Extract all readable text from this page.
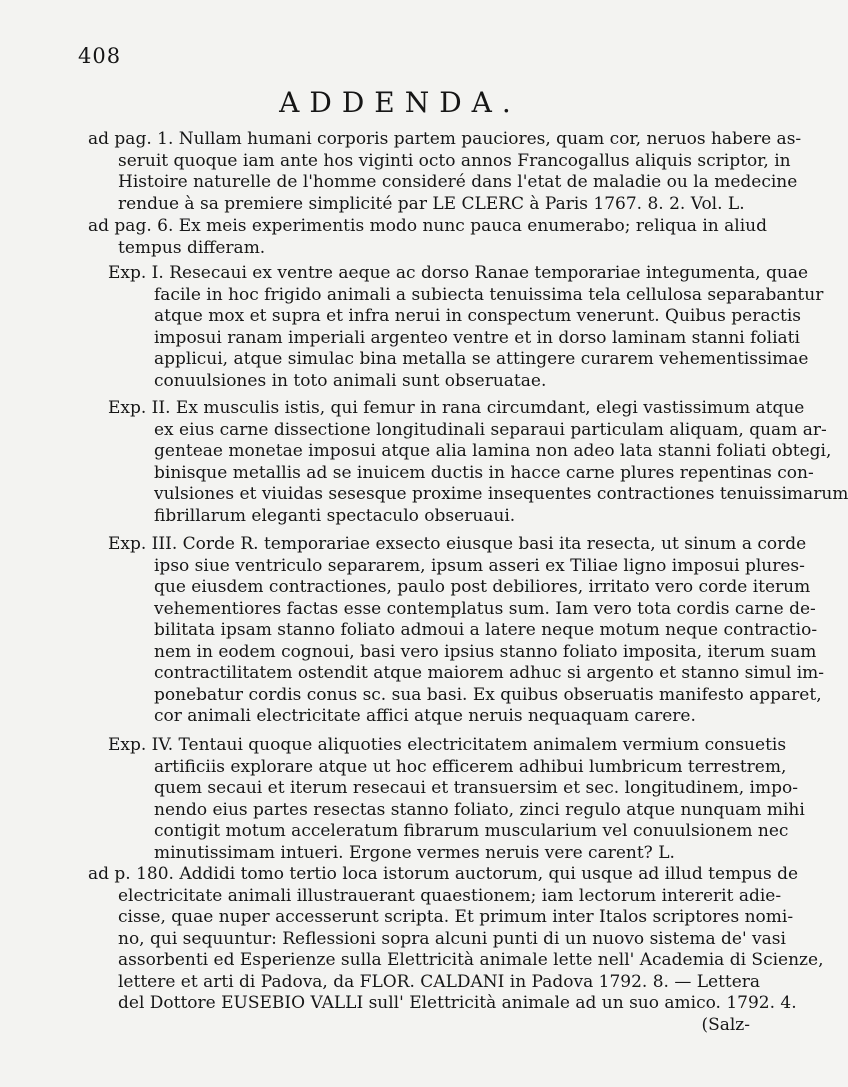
408
ADDENDA.
ad pag. 1. Nullam humani corporis partem pauciores, quam cor, neruos habere as-
seruit quoque iam ante hos viginti octo annos Francogallus aliquis scriptor, in
Histoire naturelle de l'homme consideré dans l'etat de maladie ou la medecine
rendue à sa premiere simplicité par LE CLERC à Paris 1767. 8. 2. Vol. L.
ad pag. 6. Ex meis experimentis modo nunc pauca enumerabo; reliqua in aliud
tempus differam.
Exp. I. Resecaui ex ventre aeque ac dorso Ranae temporariae integumenta, quae
facile in hoc frigido animali a subiecta tenuissima tela cellulosa separabantur
atque mox et supra et infra nerui in conspectum venerunt. Quibus peractis
imposui ranam imperiali argenteo ventre et in dorso laminam stanni foliati
applicui, atque simulac bina metalla se attingere curarem vehementissimae
conuulsiones in toto animali sunt obseruatae.
Exp. II. Ex musculis istis, qui femur in rana circumdant, elegi vastissimum atque
ex eius carne dissectione longitudinali separaui particulam aliquam, quam ar-
genteae monetae imposui atque alia lamina non adeo lata stanni foliati obtegi,
binisque metallis ad se inuicem ductis in hacce carne plures repentinas con-
vulsiones et viuidas sesesque proxime insequentes contractiones tenuissimarum
fibrillarum eleganti spectaculo obseruaui.
Exp. III. Corde R. temporariae exsecto eiusque basi ita resecta, ut sinum a corde
ipso siue ventriculo separarem, ipsum asseri ex Tiliae ligno imposui plures-
que eiusdem contractiones, paulo post debiliores, irritato vero corde iterum
vehementiores factas esse contemplatus sum. Iam vero tota cordis carne de-
bilitata ipsam stanno foliato admoui a latere neque motum neque contractio-
nem in eodem cognoui, basi vero ipsius stanno foliato imposita, iterum suam
contractilitatem ostendit atque maiorem adhuc si argento et stanno simul im-
ponebatur cordis conus sc. sua basi. Ex quibus obseruatis manifesto apparet,
cor animali electricitate affici atque neruis nequaquam carere.
Exp. IV. Tentaui quoque aliquoties electricitatem animalem vermium consuetis
artificiis explorare atque ut hoc efficerem adhibui lumbricum terrestrem,
quem secaui et iterum resecaui et transuersim et sec. longitudinem, impo-
nendo eius partes resectas stanno foliato, zinci regulo atque nunquam mihi
contigit motum acceleratum fibrarum muscularium vel conuulsionem nec
minutissimam intueri. Ergone vermes neruis vere carent? L.
ad p. 180. Addidi tomo tertio loca istorum auctorum, qui usque ad illud tempus de
electricitate animali illustrauerant quaestionem; iam lectorum intererit adie-
cisse, quae nuper accesserunt scripta. Et primum inter Italos scriptores nomi-
no, qui sequuntur: Reflessioni sopra alcuni punti di un nuovo sistema de' vasi
assorbenti ed Esperienze sulla Elettricità animale lette nell' Academia di Scienze,
lettere et arti di Padova, da FLOR. CALDANI in Padova 1792. 8. — Lettera
del Dottore EUSEBIO VALLI sull' Elettricità animale ad un suo amico. 1792. 4.
(Salz-
